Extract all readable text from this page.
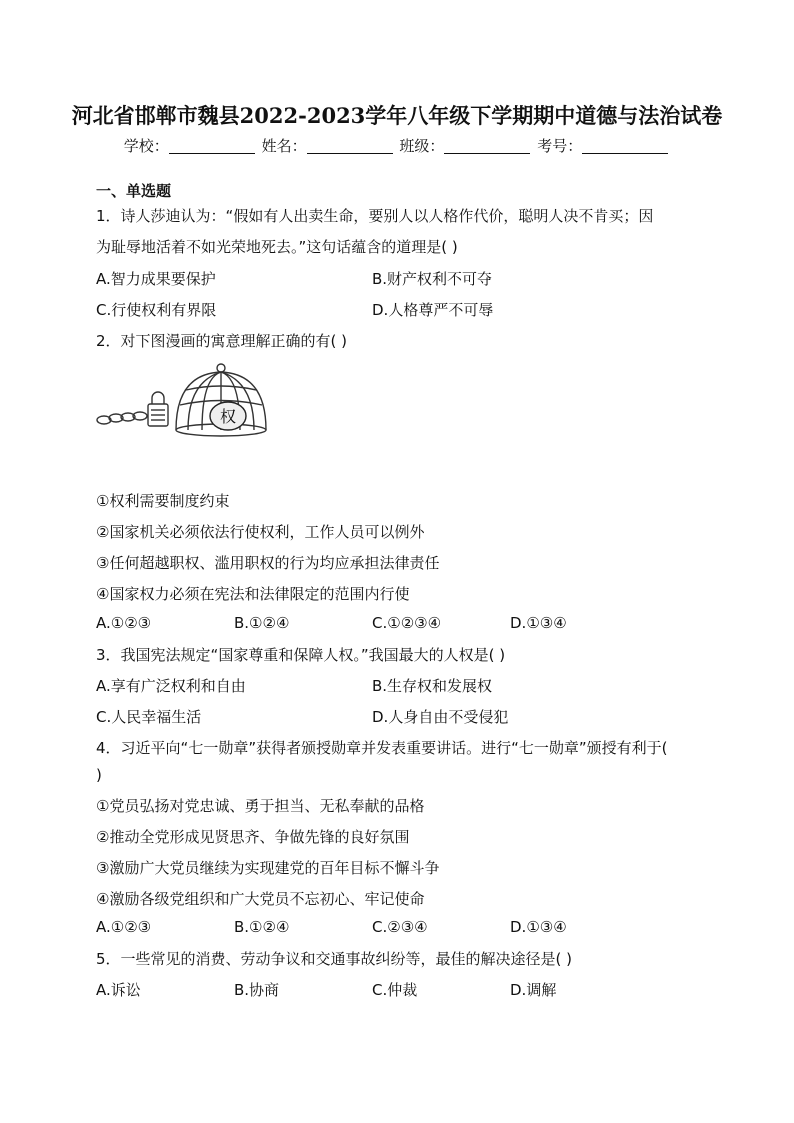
河北省邯郸市魏县2022-2023学年八年级下学期期中道德与法治试卷
学校：	姓名：	班级：	考号：
一、单选题
1．诗人莎迪认为：“假如有人出卖生命，要别人以人格作代价，聪明人决不肯买；因
为耻辱地活着不如光荣地死去。”这句话蕴含的道理是( )
A.智力成果要保护	B.财产权利不可夺
C.行使权利有界限	D.人格尊严不可辱
2．对下图漫画的寓意理解正确的有( )
权
①权利需要制度约束
②国家机关必须依法行使权利，工作人员可以例外
③任何超越职权、滥用职权的行为均应承担法律责任
④国家权力必须在宪法和法律限定的范围内行使
A.①②③	B.①②④	C.①②③④	D.①③④
3．我国宪法规定“国家尊重和保障人权。”我国最大的人权是( )
A.享有广泛权利和自由	B.生存权和发展权
C.人民幸福生活	D.人身自由不受侵犯
4．习近平向“七一勋章”获得者颁授勋章并发表重要讲话。进行“七一勋章”颁授有利于(
)
①党员弘扬对党忠诚、勇于担当、无私奉献的品格
②推动全党形成见贤思齐、争做先锋的良好氛围
③激励广大党员继续为实现建党的百年目标不懈斗争
④激励各级党组织和广大党员不忘初心、牢记使命
A.①②③	B.①②④	C.②③④	D.①③④
5．一些常见的消费、劳动争议和交通事故纠纷等，最佳的解决途径是( )
A.诉讼	B.协商	C.仲裁	D.调解
